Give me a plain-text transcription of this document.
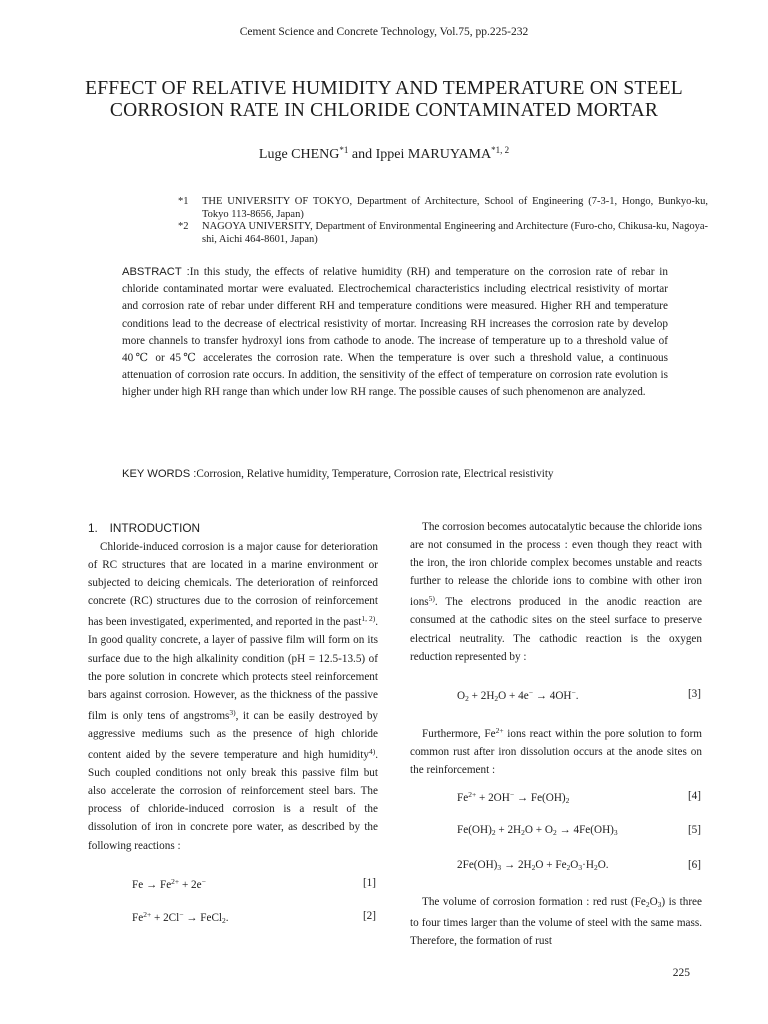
Cement Science and Concrete Technology, Vol.75, pp.225-232
EFFECT OF RELATIVE HUMIDITY AND TEMPERATURE ON STEEL
CORROSION RATE IN CHLORIDE CONTAMINATED MORTAR
Luge CHENG$^{*1}$ and Ippei MARUYAMA$^{*1, 2}$
*1 THE UNIVERSITY OF TOKYO, Department of Architecture, School of Engineering (7-3-1, Hongo, Bunkyo-ku, Tokyo 113-8656, Japan)
*2 NAGOYA UNIVERSITY, Department of Environmental Engineering and Architecture (Furo-cho, Chikusa-ku, Nagoya-shi, Aichi 464-8601, Japan)
ABSTRACT :In this study, the effects of relative humidity (RH) and temperature on the corrosion rate of rebar in chloride contaminated mortar were evaluated. Electrochemical characteristics including electrical resistivity of mortar and corrosion rate of rebar under different RH and temperature conditions were measured. Higher RH and temperature conditions lead to the decrease of electrical resistivity of mortar. Increasing RH increases the corrosion rate by develop more channels to transfer hydroxyl ions from cathode to anode. The increase of temperature up to a threshold value of 40℃ or 45℃ accelerates the corrosion rate. When the temperature is over such a threshold value, a continuous attenuation of corrosion rate occurs. In addition, the sensitivity of the effect of temperature on corrosion rate evolution is higher under high RH range than which under low RH range. The possible causes of such phenomenon are analyzed.
KEY WORDS :Corrosion, Relative humidity, Temperature, Corrosion rate, Electrical resistivity
1.　INTRODUCTION
Chloride-induced corrosion is a major cause for deterioration of RC structures that are located in a marine environment or subjected to deicing chemicals. The deterioration of reinforced concrete (RC) structures due to the corrosion of reinforcement has been investigated, experimented, and reported in the past$^{1, 2)}$. In good quality concrete, a layer of passive film will form on its surface due to the high alkalinity condition (pH = 12.5-13.5) of the pore solution in concrete which protects steel reinforcement bars against corrosion. However, as the thickness of the passive film is only tens of angstroms$^{3)}$, it can be easily destroyed by aggressive mediums such as the presence of high chloride content aided by the severe temperature and high humidity$^{4)}$. Such coupled conditions not only break this passive film but also accelerate the corrosion of reinforcement steel bars. The process of chloride-induced corrosion is a result of the dissolution of iron in concrete pore water, as described by the following reactions :
$Fe \to Fe^{2+} + 2e^-$	[1]
$Fe^{2+} + 2Cl^-$ → FeCl$_2$.	[2]
The corrosion becomes autocatalytic because the chloride ions are not consumed in the process : even though they react with the iron, the iron chloride complex becomes unstable and reacts further to release the chloride ions to combine with other iron ions$^{5)}$. The electrons produced in the anodic reaction are consumed at the cathodic sites on the steel surface to preserve electrical neutrality. The cathodic reaction is the oxygen reduction represented by :
$O_2 + 2H_2O + 4e^- \to 4OH^-$.	[3]
Furthermore, $Fe^{2+}$ ions react within the pore solution to form common rust after iron dissolution occurs at the anode sites on the reinforcement :
$Fe^{2+} + 2OH^- \to Fe(OH)_2$	[4]
$Fe(OH)_2 + 2H_2O + O_2 \to 4Fe(OH)_3$	[5]
$2Fe(OH)_3 \to 2H_2O + Fe_2O_3\cdot H_2O$.	[6]
The volume of corrosion formation : red rust $(Fe_2O_3)$ is three to four times larger than the volume of steel with the same mass. Therefore, the formation of rust
225
